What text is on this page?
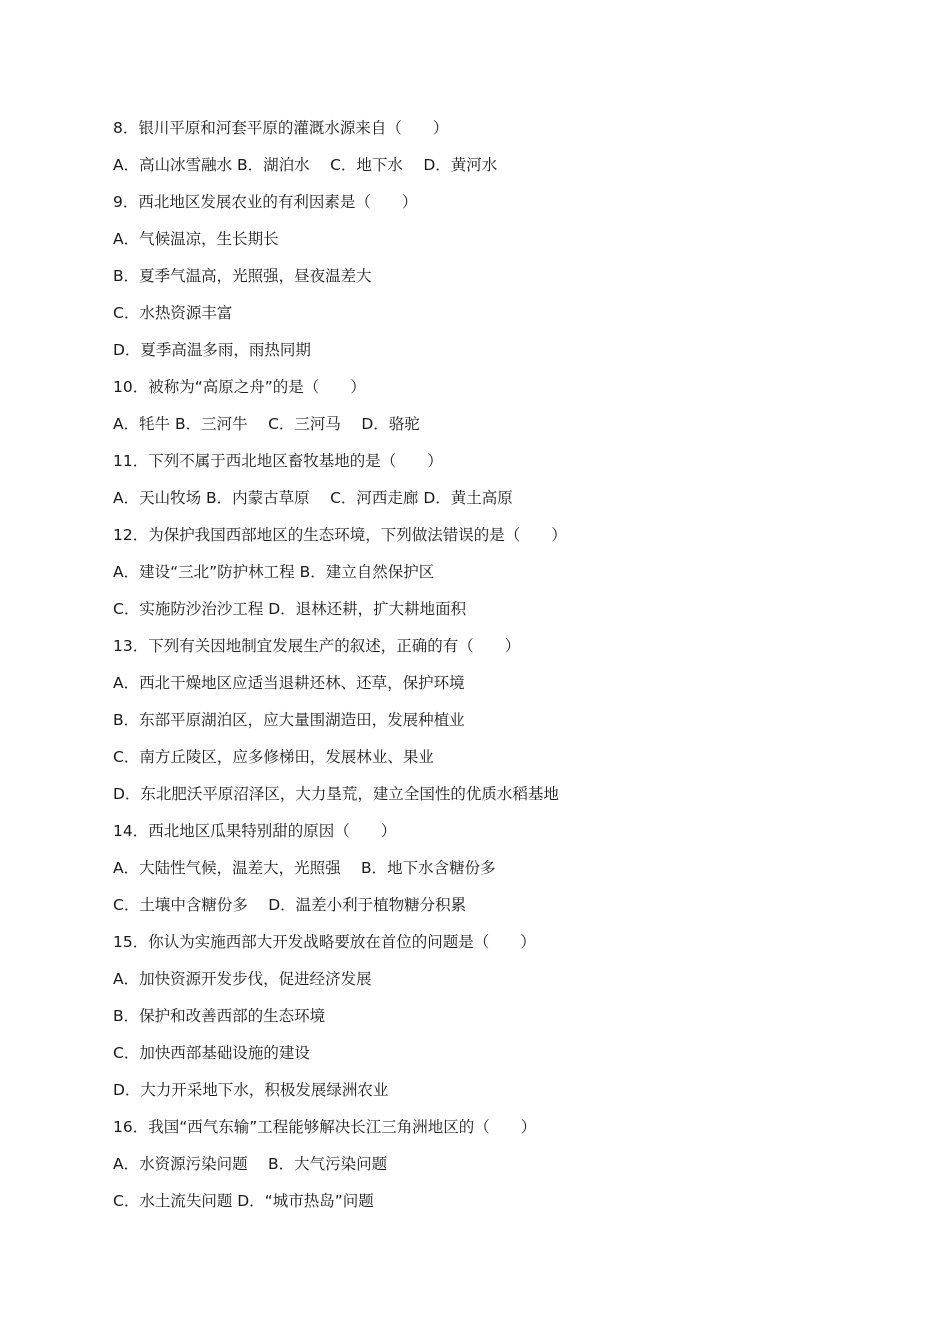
8．银川平原和河套平原的灌溉水源来自（　　）
A．高山冰雪融水 B．湖泊水　 C．地下水　 D．黄河水
9．西北地区发展农业的有利因素是（　　）
A．气候温凉，生长期长
B．夏季气温高，光照强，昼夜温差大
C．水热资源丰富
D．夏季高温多雨，雨热同期
10．被称为“高原之舟”的是（　　）
A．牦牛 B．三河牛　 C．三河马　 D．骆驼
11．下列不属于西北地区畜牧基地的是（　　）
A．天山牧场 B．内蒙古草原　 C．河西走廊 D．黄土高原
12．为保护我国西部地区的生态环境，下列做法错误的是（　　）
A．建设“三北”防护林工程 B．建立自然保护区
C．实施防沙治沙工程 D．退林还耕，扩大耕地面积
13．下列有关因地制宜发展生产的叙述，正确的有（　　）
A．西北干燥地区应适当退耕还林、还草，保护环境
B．东部平原湖泊区，应大量围湖造田，发展种植业
C．南方丘陵区，应多修梯田，发展林业、果业
D．东北肥沃平原沼泽区，大力垦荒，建立全国性的优质水稻基地
14．西北地区瓜果特别甜的原因（　　）
A．大陆性气候，温差大，光照强　 B．地下水含糖份多
C．土壤中含糖份多　 D．温差小利于植物糖分积累
15．你认为实施西部大开发战略要放在首位的问题是（　　）
A．加快资源开发步伐，促进经济发展
B．保护和改善西部的生态环境
C．加快西部基础设施的建设
D．大力开采地下水，积极发展绿洲农业
16．我国“西气东输”工程能够解决长江三角洲地区的（　　）
A．水资源污染问题　 B．大气污染问题
C．水土流失问题 D．“城市热岛”问题
